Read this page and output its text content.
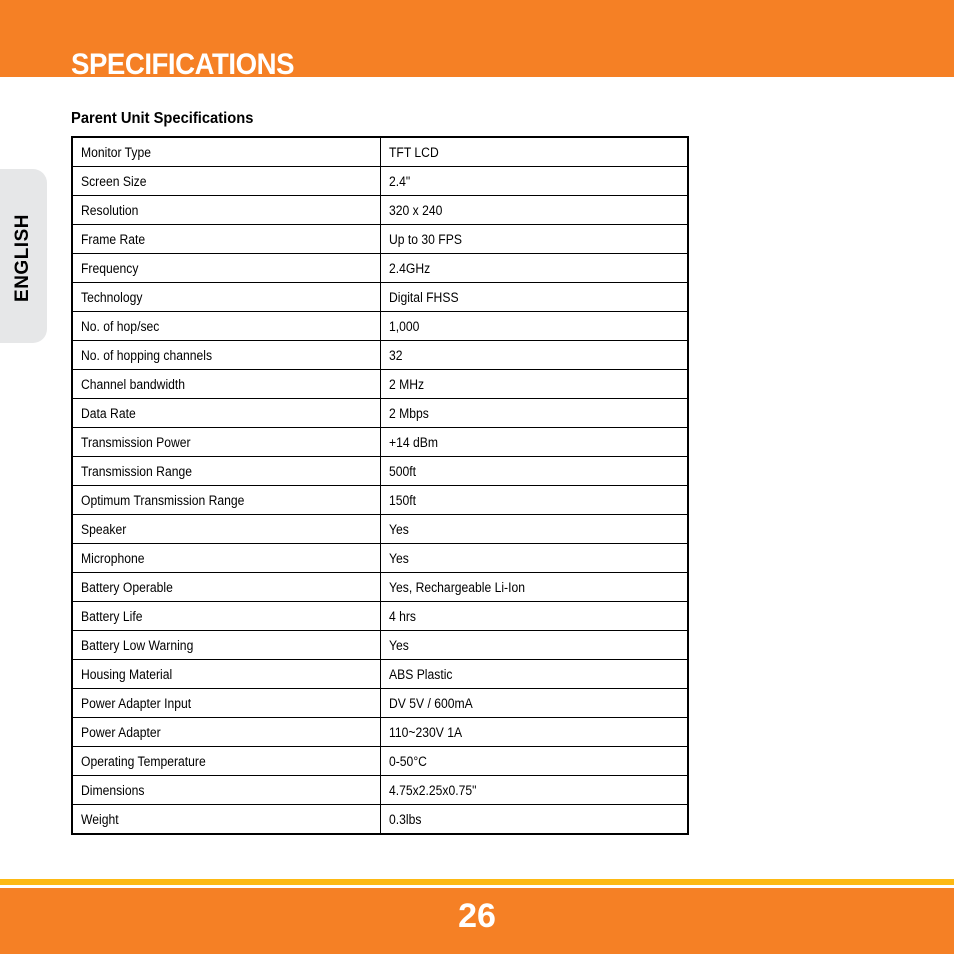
SPECIFICATIONS
ENGLISH
Parent Unit Specifications
Monitor Type	TFT LCD
Screen Size	2.4"
Resolution	320 x 240
Frame Rate	Up to 30 FPS
Frequency	2.4GHz
Technology	Digital FHSS
No. of hop/sec	1,000
No. of hopping channels	32
Channel bandwidth	2 MHz
Data Rate	2 Mbps
Transmission Power	+14 dBm
Transmission Range	500ft
Optimum Transmission Range	150ft
Speaker	Yes
Microphone	Yes
Battery Operable	Yes, Rechargeable Li-Ion
Battery Life	4 hrs
Battery Low Warning	Yes
Housing Material	ABS Plastic
Power Adapter Input	DV 5V / 600mA
Power Adapter	110~230V 1A
Operating Temperature	0-50°C
Dimensions	4.75x2.25x0.75"
Weight	0.3lbs
26
